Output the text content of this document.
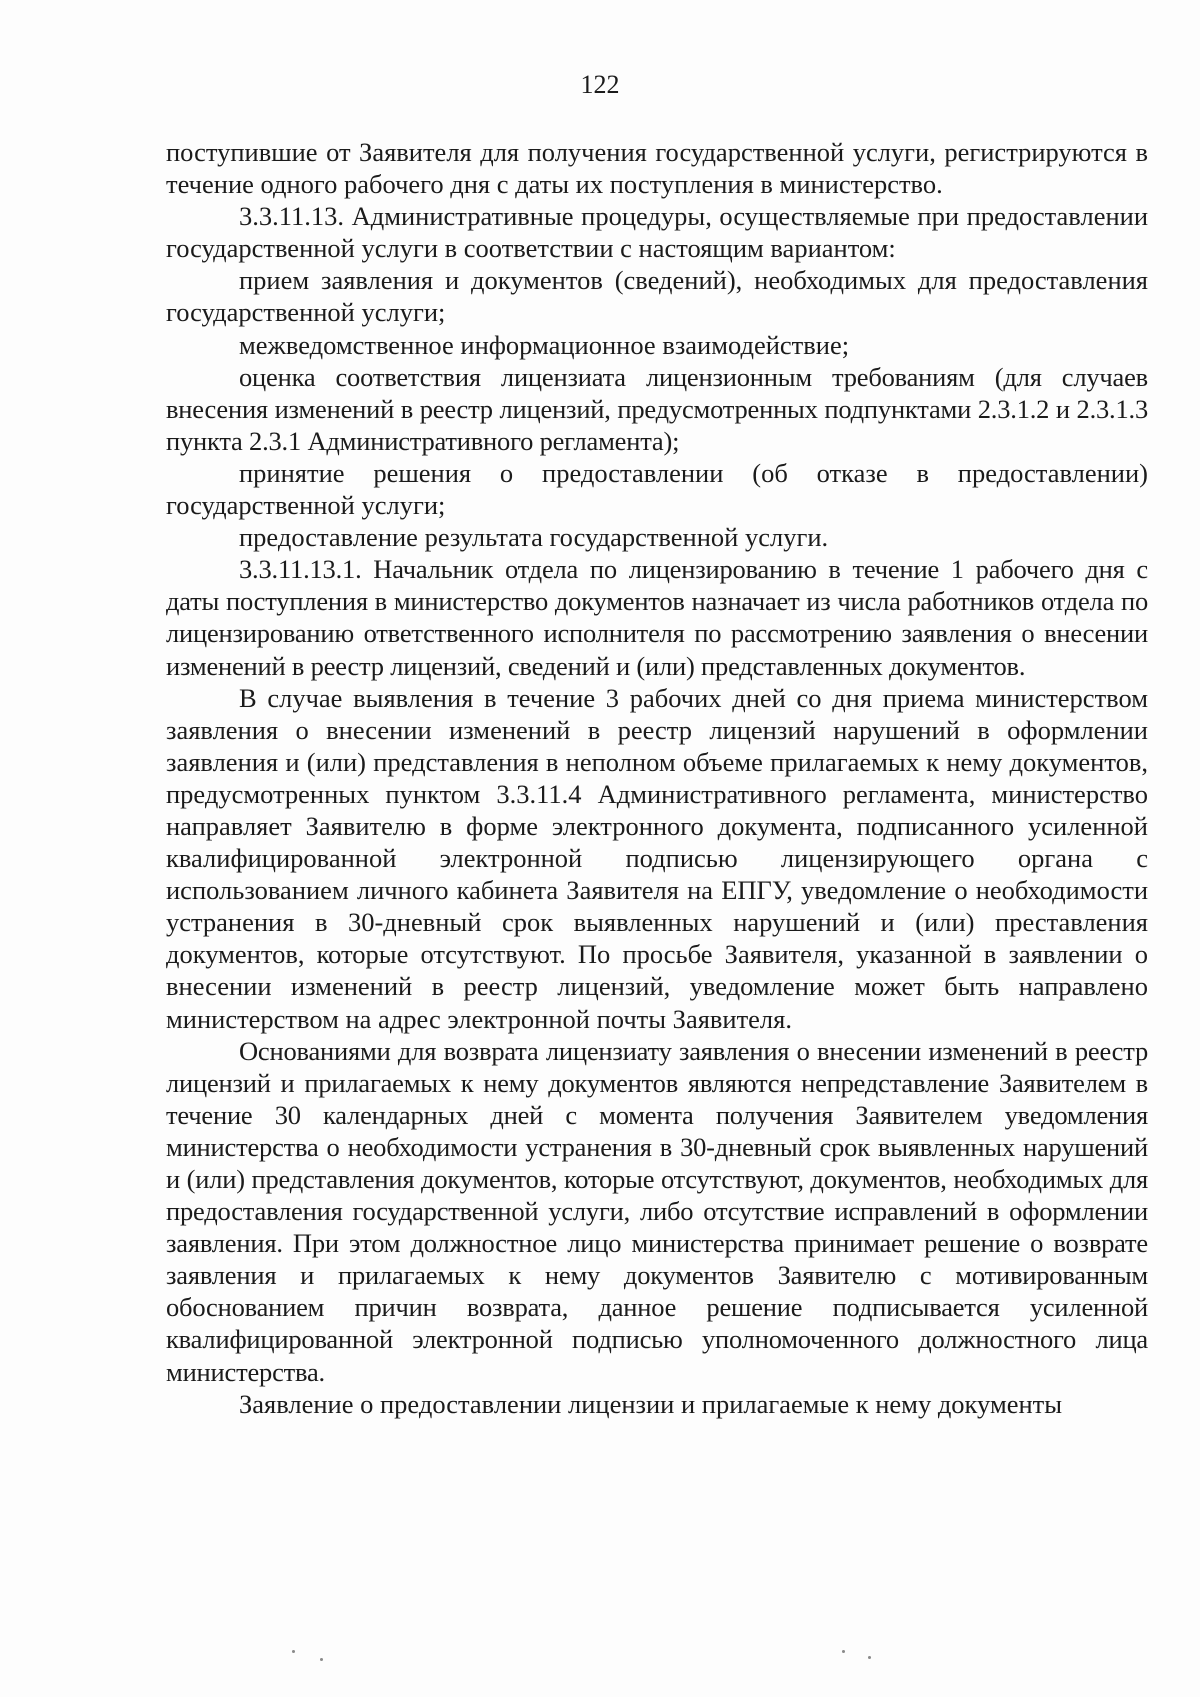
122

поступившие от Заявителя для получения государственной услуги, регистрируются в течение одного рабочего дня с даты их поступления в министерство.

3.3.11.13. Административные процедуры, осуществляемые при предоставлении государственной услуги в соответствии с настоящим вариантом:

прием заявления и документов (сведений), необходимых для предоставления государственной услуги;

межведомственное информационное взаимодействие;

оценка соответствия лицензиата лицензионным требованиям (для случаев внесения изменений в реестр лицензий, предусмотренных подпунктами 2.3.1.2 и 2.3.1.3 пункта 2.3.1 Административного регламента);

принятие решения о предоставлении (об отказе в предоставлении) государственной услуги;

предоставление результата государственной услуги.

3.3.11.13.1. Начальник отдела по лицензированию в течение 1 рабочего дня с даты поступления в министерство документов назначает из числа работников отдела по лицензированию ответственного исполнителя по рассмотрению заявления о внесении изменений в реестр лицензий, сведений и (или) представленных документов.

В случае выявления в течение 3 рабочих дней со дня приема министерством заявления о внесении изменений в реестр лицензий нарушений в оформлении заявления и (или) представления в неполном объеме прилагаемых к нему документов, предусмотренных пунктом 3.3.11.4 Административного регламента, министерство направляет Заявителю в форме электронного документа, подписанного усиленной квалифицированной электронной подписью лицензирующего органа с использованием личного кабинета Заявителя на ЕПГУ, уведомление о необходимости устранения в 30-дневный срок выявленных нарушений и (или) преставления документов, которые отсутствуют. По просьбе Заявителя, указанной в заявлении о внесении изменений в реестр лицензий, уведомление может быть направлено министерством на адрес электронной почты Заявителя.

Основаниями для возврата лицензиату заявления о внесении изменений в реестр лицензий и прилагаемых к нему документов являются непредставление Заявителем в течение 30 календарных дней с момента получения Заявителем уведомления министерства о необходимости устранения в 30-дневный срок выявленных нарушений и (или) представления документов, которые отсутствуют, документов, необходимых для предоставления государственной услуги, либо отсутствие исправлений в оформлении заявления. При этом должностное лицо министерства принимает решение о возврате заявления и прилагаемых к нему документов Заявителю с мотивированным обоснованием причин возврата, данное решение подписывается усиленной квалифицированной электронной подписью уполномоченного должностного лица министерства.

Заявление о предоставлении лицензии и прилагаемые к нему документы
